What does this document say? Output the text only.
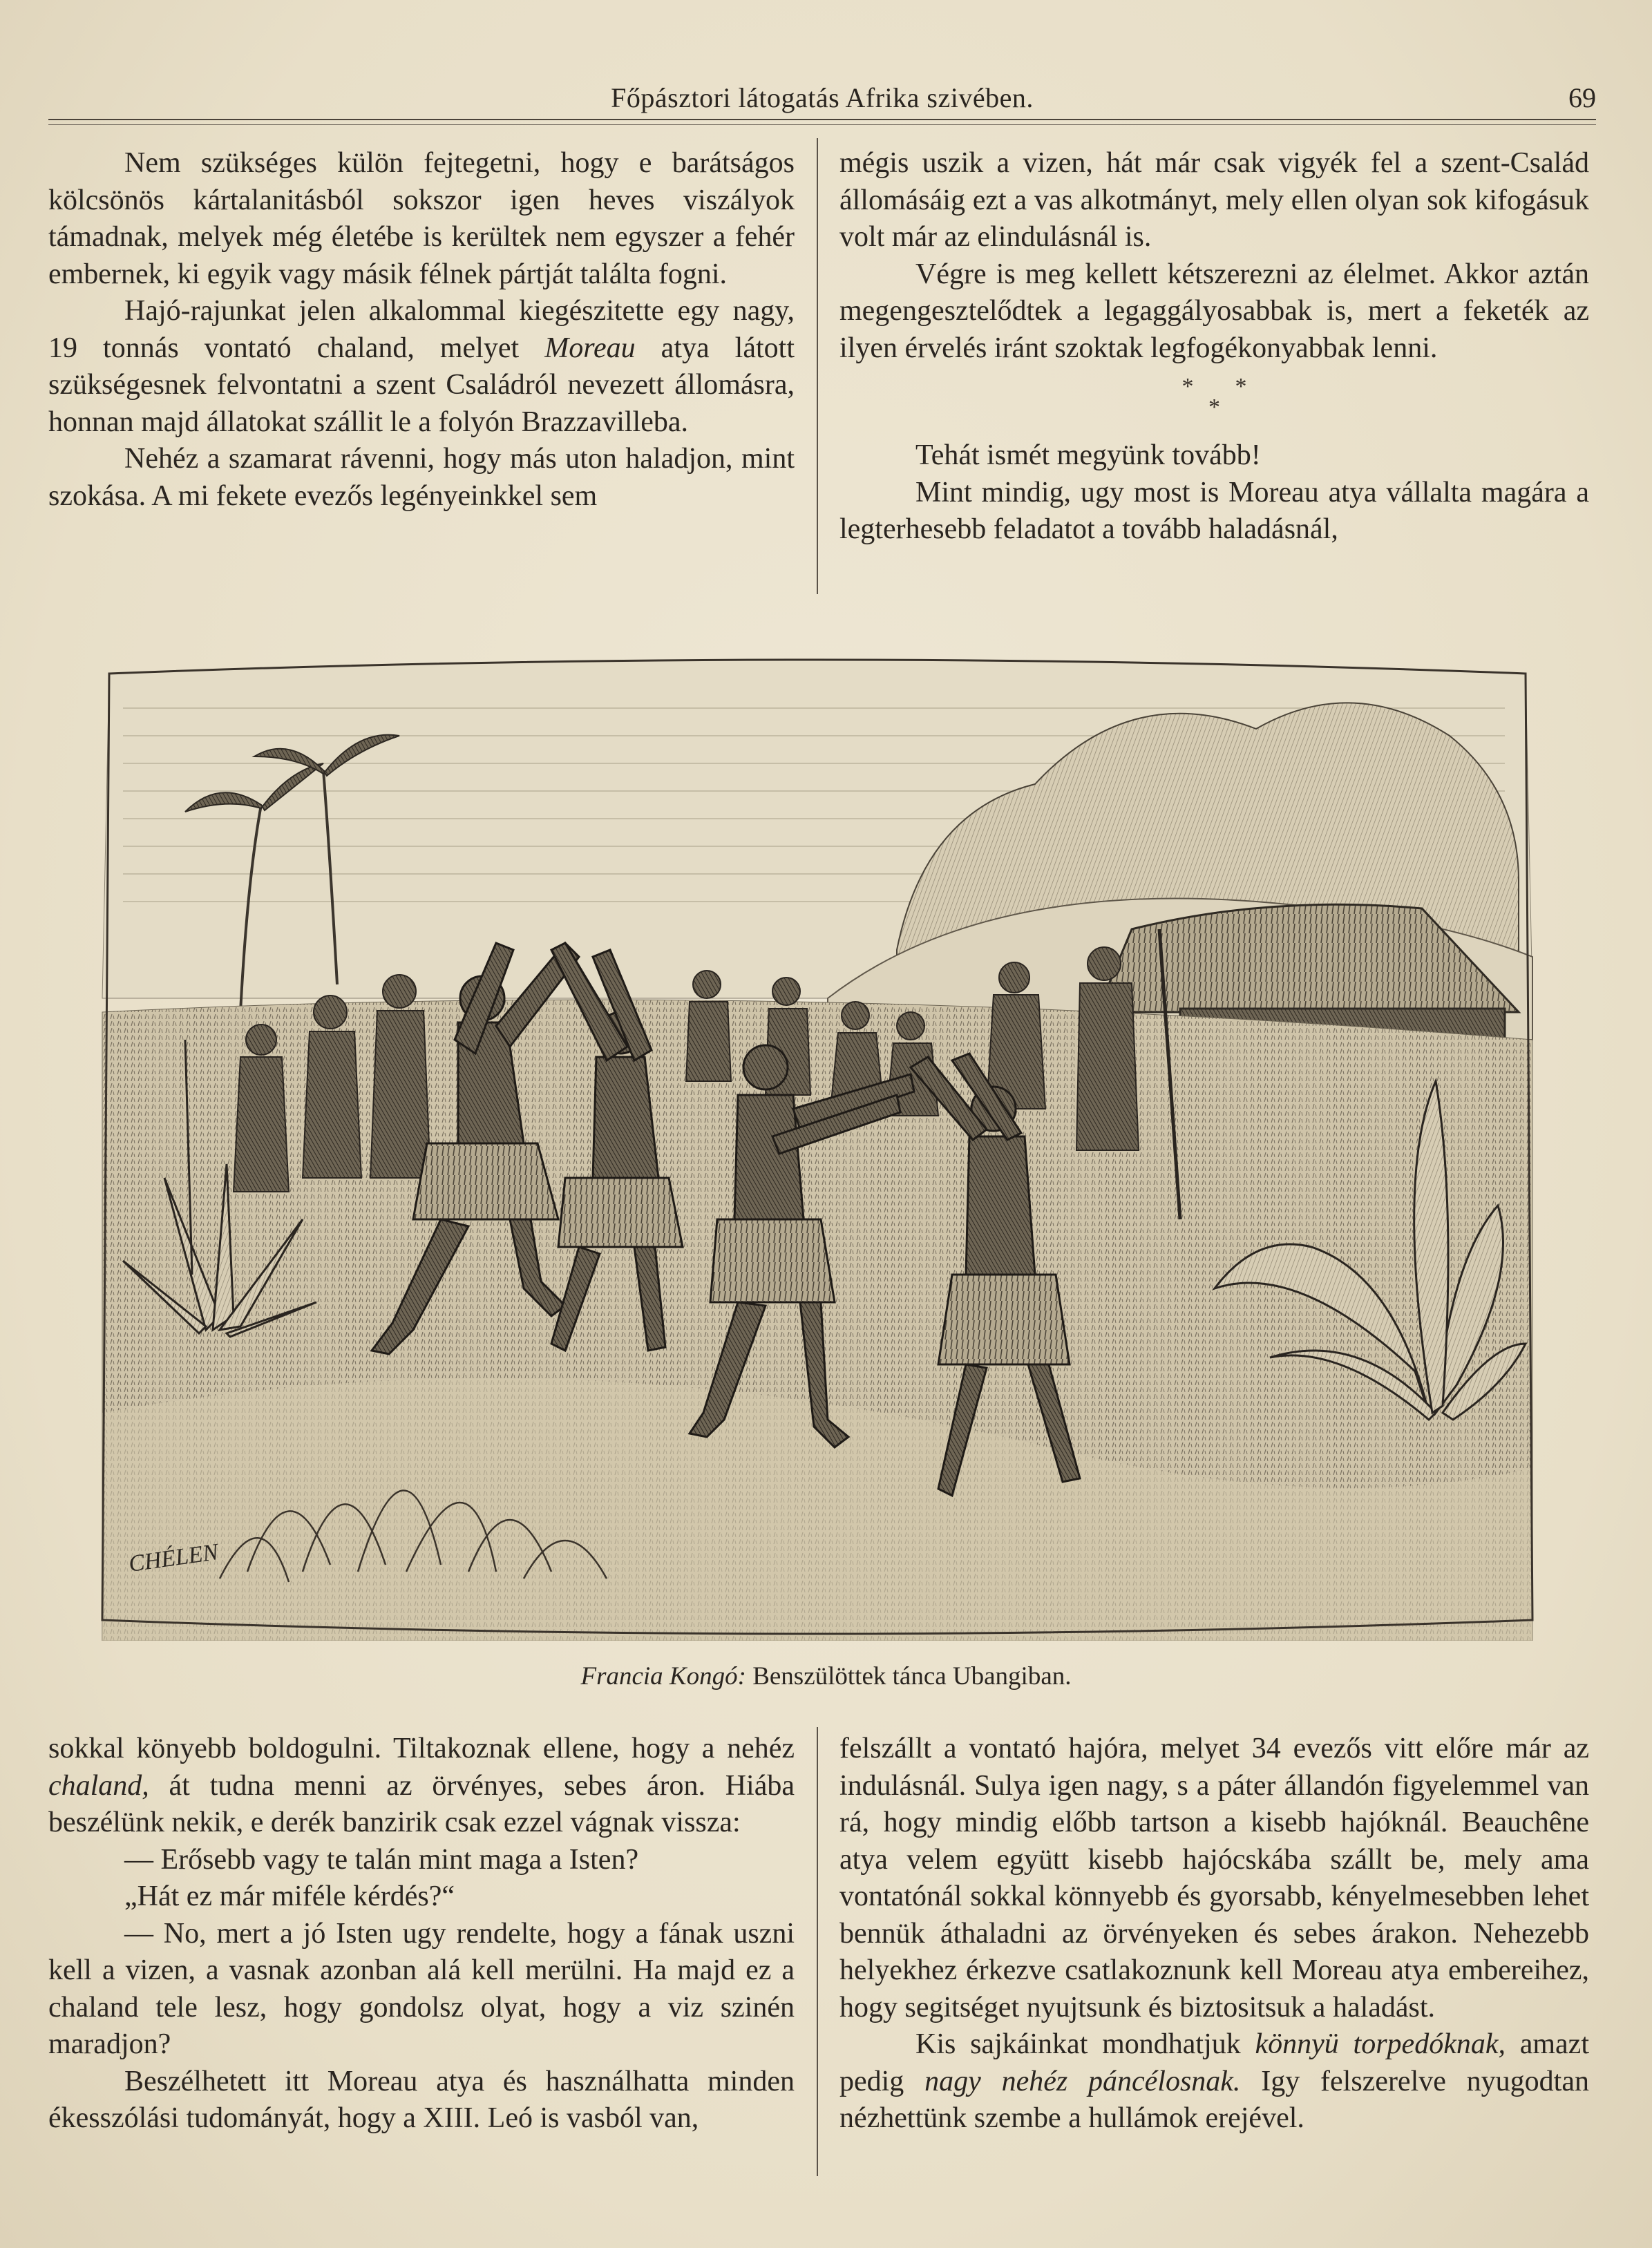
Főpásztori látogatás Afrika szivében.	69

Nem szükséges külön fejtegetni, hogy e barátságos kölcsönös kártalanitásból sokszor igen heves viszályok támadnak, melyek még életébe is kerültek nem egyszer a fehér embernek, ki egyik vagy másik félnek pártját találta fogni.

Hajó-rajunkat jelen alkalommal kiegészitette egy nagy, 19 tonnás vontató chaland, melyet Moreau atya látott szükségesnek felvontatni a szent Családról nevezett állomásra, honnan majd állatokat szállit le a folyón Brazzavilleba.

Nehéz a szamarat rávenni, hogy más uton haladjon, mint szokása. A mi fekete evezős legényeinkkel sem

mégis uszik a vizen, hát már csak vigyék fel a szent-Család állomásáig ezt a vas alkotmányt, mely ellen olyan sok kifogásuk volt már az elindulásnál is.

Végre is meg kellett kétszerezni az élelmet. Akkor aztán megengesztelődtek a legaggályosabbak is, mert a feketék az ilyen érvelés iránt szoktak legfogékonyabbak lenni.

* *
*

Tehát ismét megyünk tovább!

Mint mindig, ugy most is Moreau atya vállalta magára a legterhesebb feladatot a tovább haladásnál,

CHÉLEN
Francia Kongó: Benszülöttek tánca Ubangiban.

sokkal könyebb boldogulni. Tiltakoznak ellene, hogy a nehéz chaland, át tudna menni az örvényes, sebes áron. Hiába beszélünk nekik, e derék banzirik csak ezzel vágnak vissza:

— Erősebb vagy te talán mint maga a Isten?

„Hát ez már miféle kérdés?“

— No, mert a jó Isten ugy rendelte, hogy a fának uszni kell a vizen, a vasnak azonban alá kell merülni. Ha majd ez a chaland tele lesz, hogy gondolsz olyat, hogy a viz szinén maradjon?

Beszélhetett itt Moreau atya és használhatta minden ékesszólási tudományát, hogy a XIII. Leó is vasból van,

felszállt a vontató hajóra, melyet 34 evezős vitt előre már az indulásnál. Sulya igen nagy, s a páter állandón figyelemmel van rá, hogy mindig előbb tartson a kisebb hajóknál. Beauchêne atya velem együtt kisebb hajócskába szállt be, mely ama vontatónál sokkal könnyebb és gyorsabb, kényelmesebben lehet bennük áthaladni az örvényeken és sebes árakon. Nehezebb helyekhez érkezve csatlakoznunk kell Moreau atya embereihez, hogy segitséget nyujtsunk és biztositsuk a haladást.

Kis sajkáinkat mondhatjuk könnyü torpedóknak, amazt pedig nagy nehéz páncélosnak. Igy felszerelve nyugodtan nézhettünk szembe a hullámok erejével.
